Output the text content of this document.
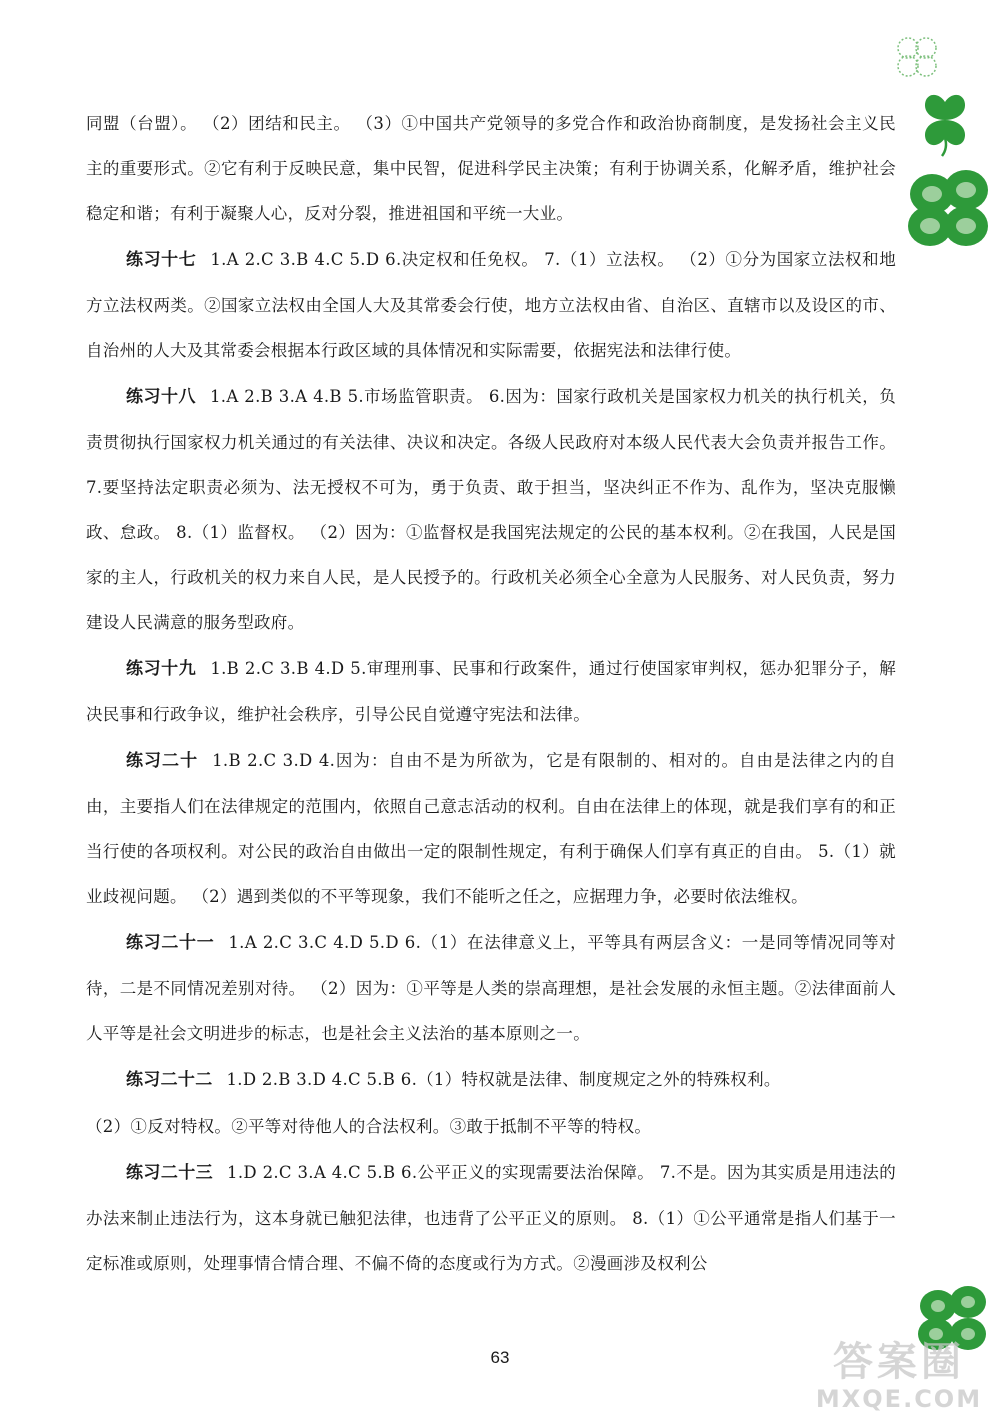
同盟（台盟）。 （2）团结和民主。 （3）①中国共产党领导的多党合作和政治协商制度，是发扬社会主义民主的重要形式。②它有利于反映民意，集中民智，促进科学民主决策；有利于协调关系，化解矛盾，维护社会稳定和谐；有利于凝聚人心，反对分裂，推进祖国和平统一大业。

练习十七 1.A 2.C 3.B 4.C 5.D 6.决定权和任免权。 7.（1）立法权。 （2）①分为国家立法权和地方立法权两类。②国家立法权由全国人大及其常委会行使，地方立法权由省、自治区、直辖市以及设区的市、自治州的人大及其常委会根据本行政区域的具体情况和实际需要，依据宪法和法律行使。

练习十八 1.A 2.B 3.A 4.B 5.市场监管职责。 6.因为：国家行政机关是国家权力机关的执行机关，负责贯彻执行国家权力机关通过的有关法律、决议和决定。各级人民政府对本级人民代表大会负责并报告工作。 7.要坚持法定职责必须为、法无授权不可为，勇于负责、敢于担当，坚决纠正不作为、乱作为，坚决克服懒政、怠政。 8.（1）监督权。 （2）因为：①监督权是我国宪法规定的公民的基本权利。②在我国，人民是国家的主人，行政机关的权力来自人民，是人民授予的。行政机关必须全心全意为人民服务、对人民负责，努力建设人民满意的服务型政府。

练习十九 1.B 2.C 3.B 4.D 5.审理刑事、民事和行政案件，通过行使国家审判权，惩办犯罪分子，解决民事和行政争议，维护社会秩序，引导公民自觉遵守宪法和法律。

练习二十 1.B 2.C 3.D 4.因为：自由不是为所欲为，它是有限制的、相对的。自由是法律之内的自由，主要指人们在法律规定的范围内，依照自己意志活动的权利。自由在法律上的体现，就是我们享有的和正当行使的各项权利。对公民的政治自由做出一定的限制性规定，有利于确保人们享有真正的自由。 5.（1）就业歧视问题。 （2）遇到类似的不平等现象，我们不能听之任之，应据理力争，必要时依法维权。

练习二十一 1.A 2.C 3.C 4.D 5.D 6.（1）在法律意义上，平等具有两层含义：一是同等情况同等对待，二是不同情况差别对待。 （2）因为：①平等是人类的崇高理想，是社会发展的永恒主题。②法律面前人人平等是社会文明进步的标志，也是社会主义法治的基本原则之一。

练习二十二 1.D 2.B 3.D 4.C 5.B 6.（1）特权就是法律、制度规定之外的特殊权利。

（2）①反对特权。②平等对待他人的合法权利。③敢于抵制不平等的特权。

练习二十三 1.D 2.C 3.A 4.C 5.B 6.公平正义的实现需要法治保障。 7.不是。因为其实质是用违法的办法来制止违法行为，这本身就已触犯法律，也违背了公平正义的原则。 8.（1）①公平通常是指人们基于一定标准或原则，处理事情合情合理、不偏不倚的态度或行为方式。②漫画涉及权利公

63	答案圈
MXQE.COM
